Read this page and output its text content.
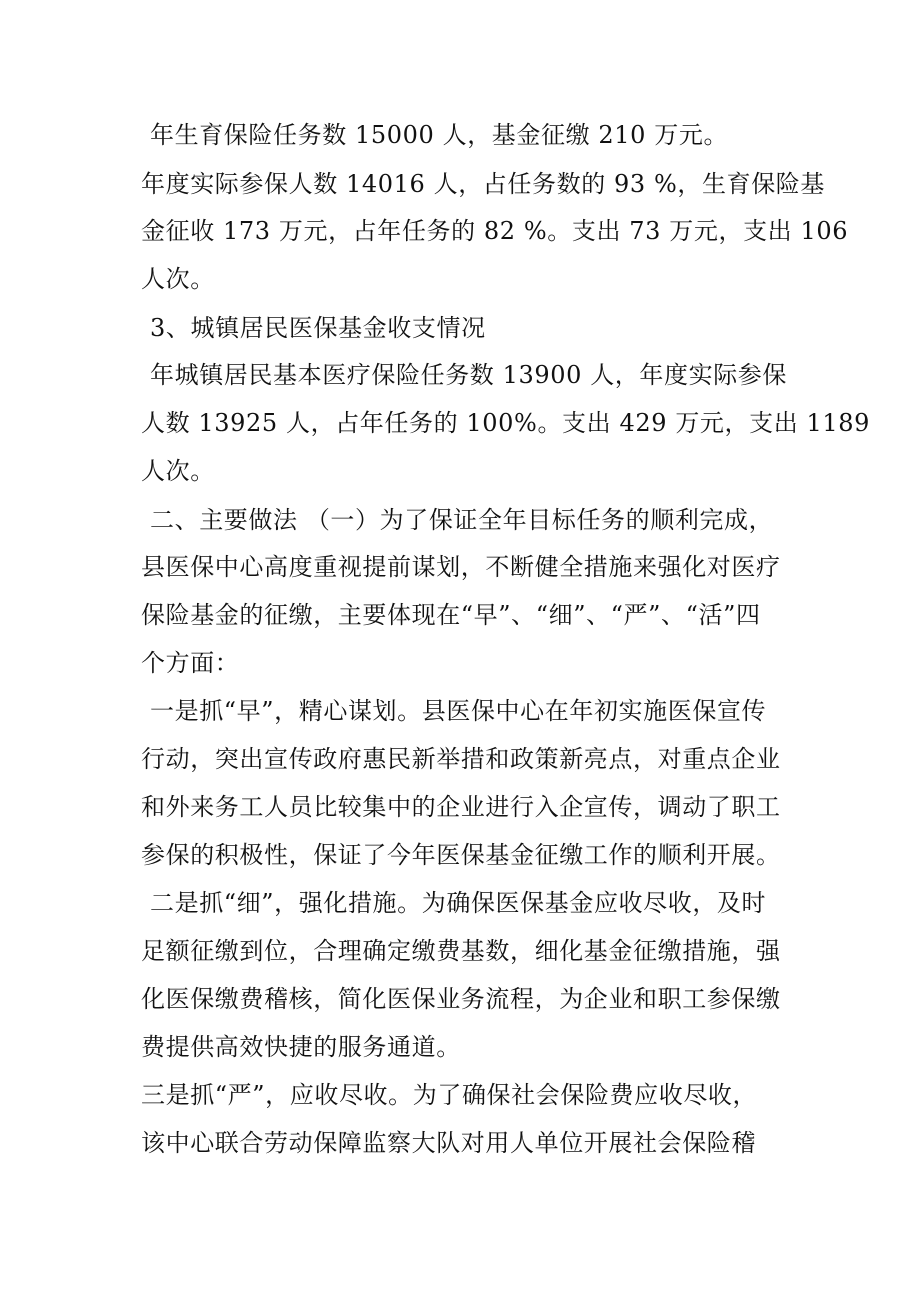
年生育保险任务数 15000 人，基金征缴 210 万元。
年度实际参保人数 14016 人，占任务数的 93 %，生育保险基
金征收 173 万元，占年任务的 82 %。支出 73 万元，支出 106
人次。
3、城镇居民医保基金收支情况
年城镇居民基本医疗保险任务数 13900 人，年度实际参保
人数 13925 人，占年任务的 100%。支出 429 万元，支出 1189
人次。
二、主要做法 （一）为了保证全年目标任务的顺利完成，
县医保中心高度重视提前谋划，不断健全措施来强化对医疗
保险基金的征缴，主要体现在“早”、“细”、“严”、“活”四
个方面：
一是抓“早”，精心谋划。县医保中心在年初实施医保宣传
行动，突出宣传政府惠民新举措和政策新亮点，对重点企业
和外来务工人员比较集中的企业进行入企宣传，调动了职工
参保的积极性，保证了今年医保基金征缴工作的顺利开展。
二是抓“细”，强化措施。为确保医保基金应收尽收，及时
足额征缴到位，合理确定缴费基数，细化基金征缴措施，强
化医保缴费稽核，简化医保业务流程，为企业和职工参保缴
费提供高效快捷的服务通道。
三是抓“严”，应收尽收。为了确保社会保险费应收尽收，
该中心联合劳动保障监察大队对用人单位开展社会保险稽
